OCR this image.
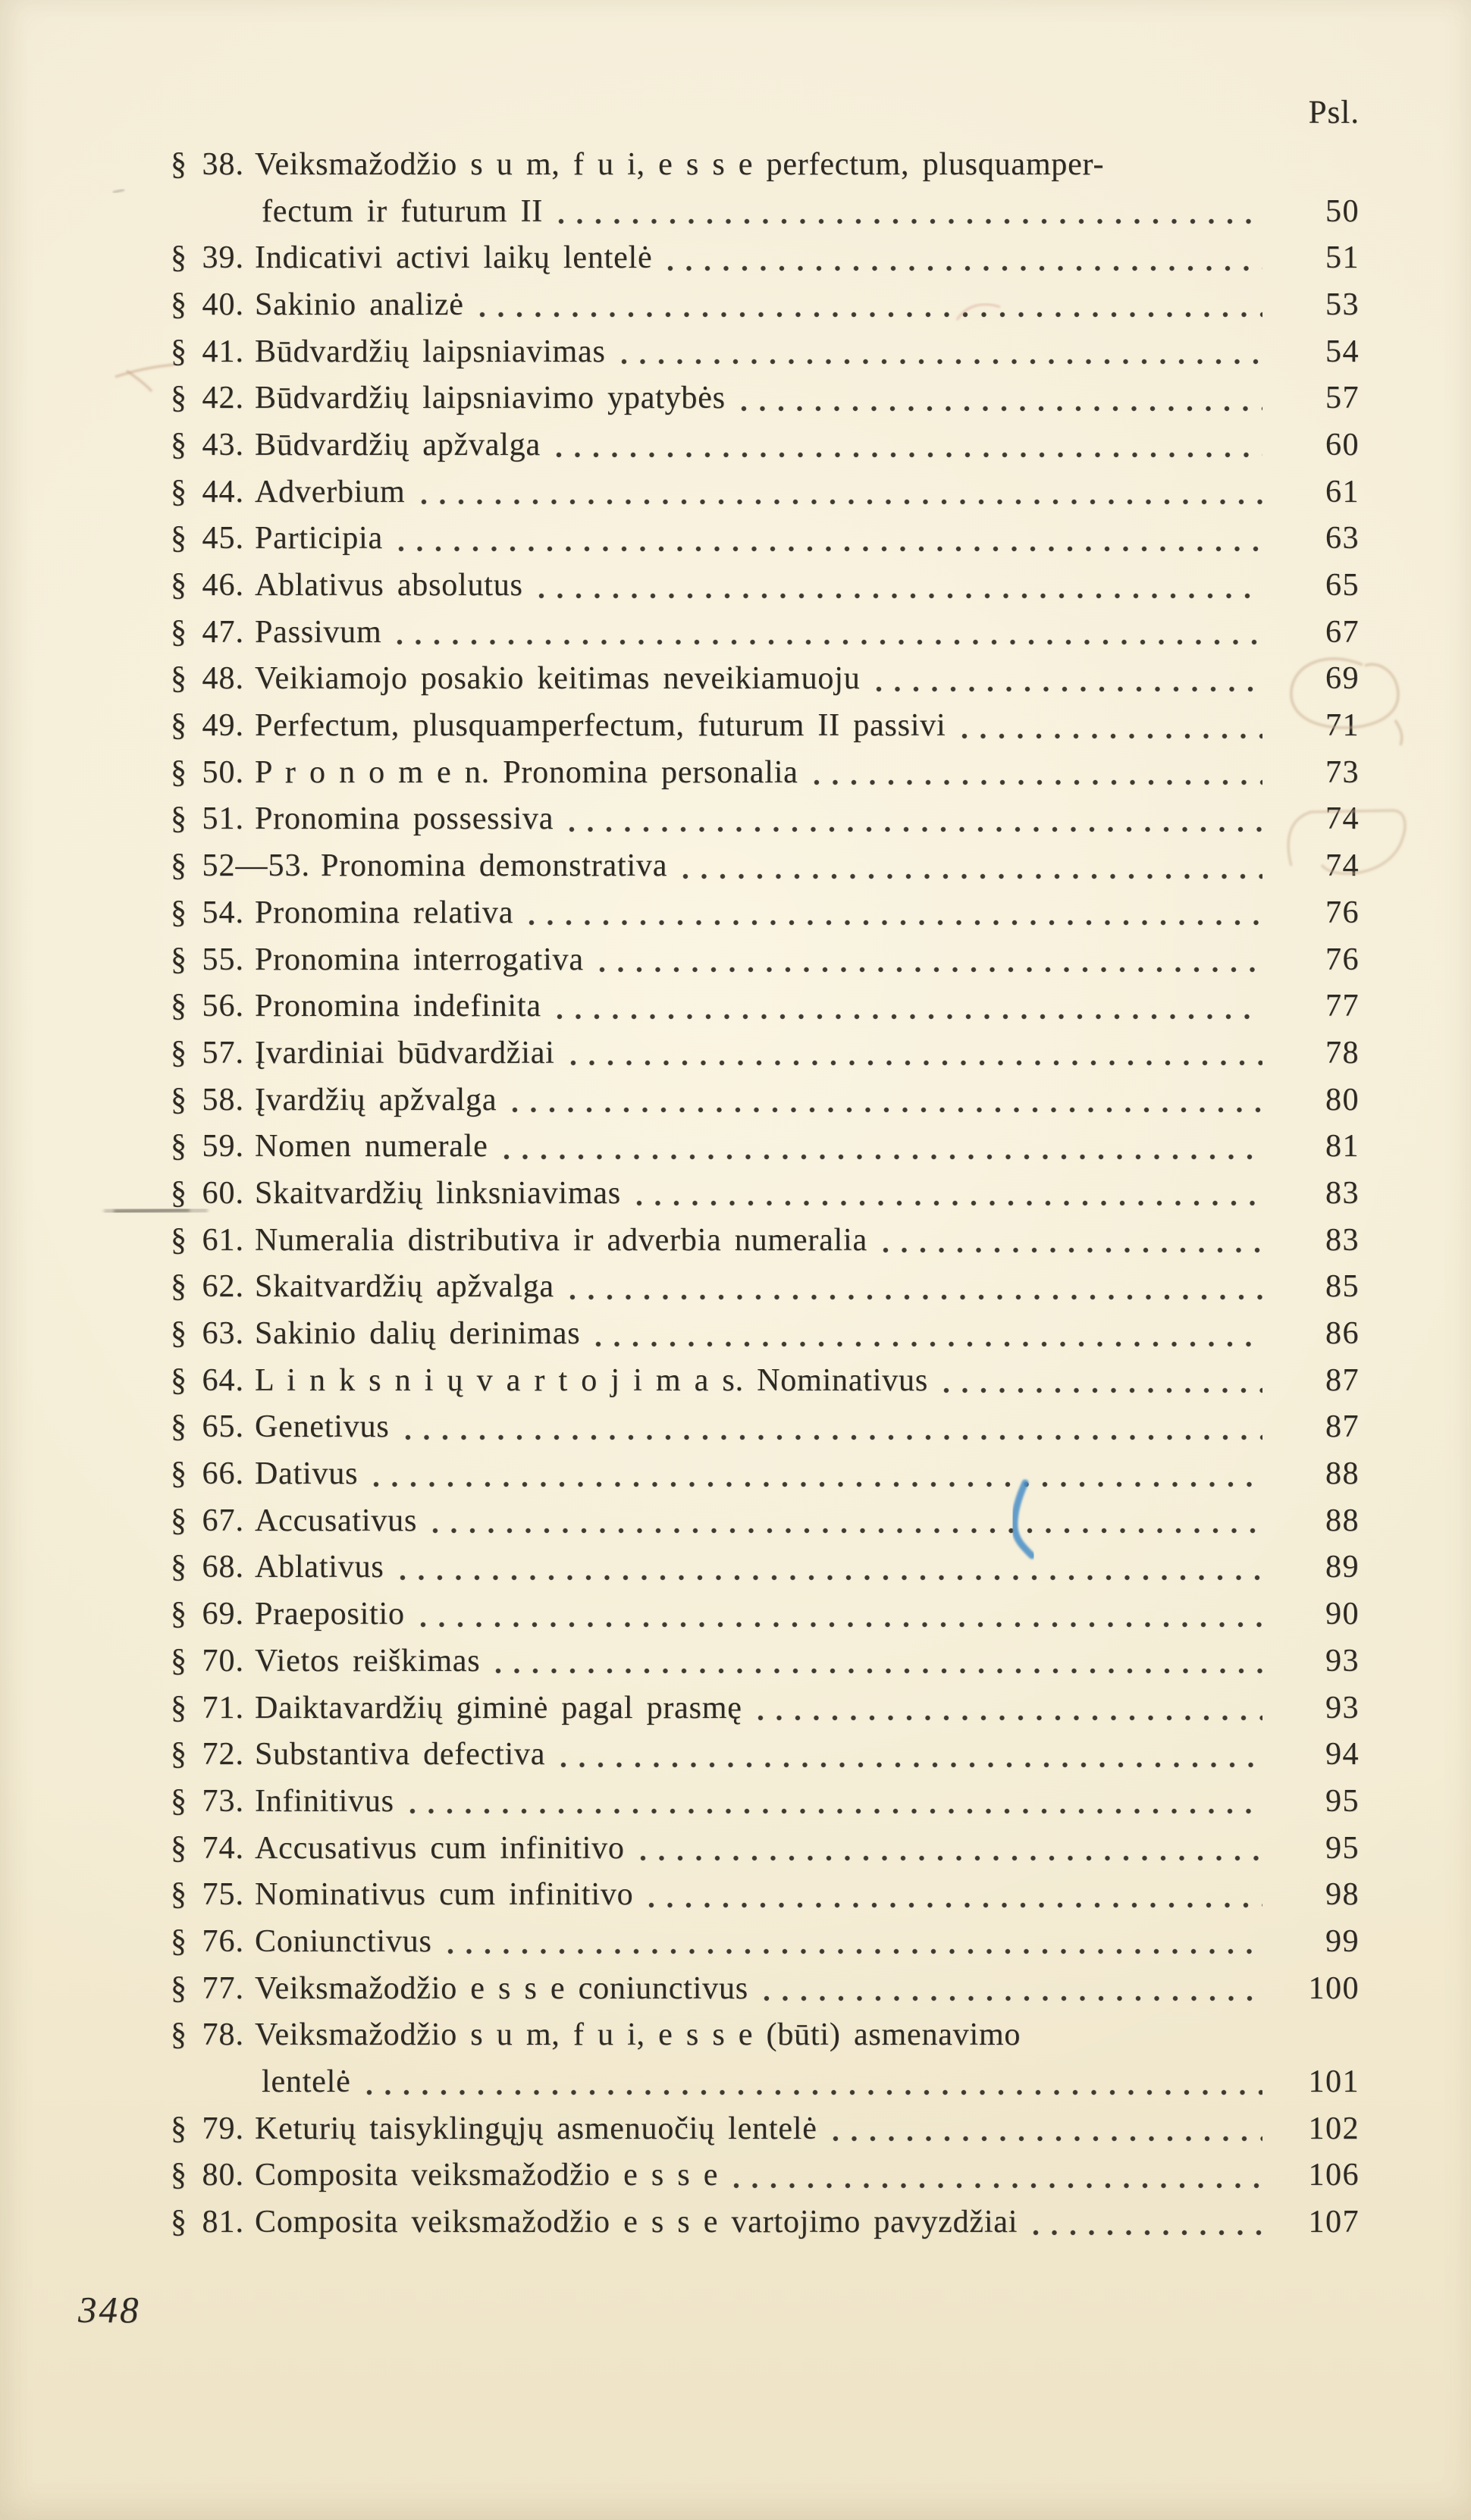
Psl.
§ 38. Veiksmažodžio s u m, f u i, e s s e perfectum, plusquamper-
fectum ir futurum II	50
§ 39. Indicativi activi laikų lentelė	51
§ 40. Sakinio analizė	53
§ 41. Būdvardžių laipsniavimas	54
§ 42. Būdvardžių laipsniavimo ypatybės	57
§ 43. Būdvardžių apžvalga	60
§ 44. Adverbium	61
§ 45. Participia	63
§ 46. Ablativus absolutus	65
§ 47. Passivum	67
§ 48. Veikiamojo posakio keitimas neveikiamuoju	69
§ 49. Perfectum, plusquamperfectum, futurum II passivi	71
§ 50. P r o n o m e n. Pronomina personalia	73
§ 51. Pronomina possessiva	74
§ 52—53. Pronomina demonstrativa	74
§ 54. Pronomina relativa	76
§ 55. Pronomina interrogativa	76
§ 56. Pronomina indefinita	77
§ 57. Įvardiniai būdvardžiai	78
§ 58. Įvardžių apžvalga	80
§ 59. Nomen numerale	81
§ 60. Skaitvardžių linksniavimas	83
§ 61. Numeralia distributiva ir adverbia numeralia	83
§ 62. Skaitvardžių apžvalga	85
§ 63. Sakinio dalių derinimas	86
§ 64. L i n k s n i ų v a r t o j i m a s. Nominativus	87
§ 65. Genetivus	87
§ 66. Dativus	88
§ 67. Accusativus	88
§ 68. Ablativus	89
§ 69. Praepositio	90
§ 70. Vietos reiškimas	93
§ 71. Daiktavardžių giminė pagal prasmę	93
§ 72. Substantiva defectiva	94
§ 73. Infinitivus	95
§ 74. Accusativus cum infinitivo	95
§ 75. Nominativus cum infinitivo	98
§ 76. Coniunctivus	99
§ 77. Veiksmažodžio e s s e coniunctivus	100
§ 78. Veiksmažodžio s u m, f u i, e s s e (būti) asmenavimo
lentelė	101
§ 79. Keturių taisyklingųjų asmenuočių lentelė	102
§ 80. Composita veiksmažodžio e s s e	106
§ 81. Composita veiksmažodžio e s s e vartojimo pavyzdžiai	107
348
